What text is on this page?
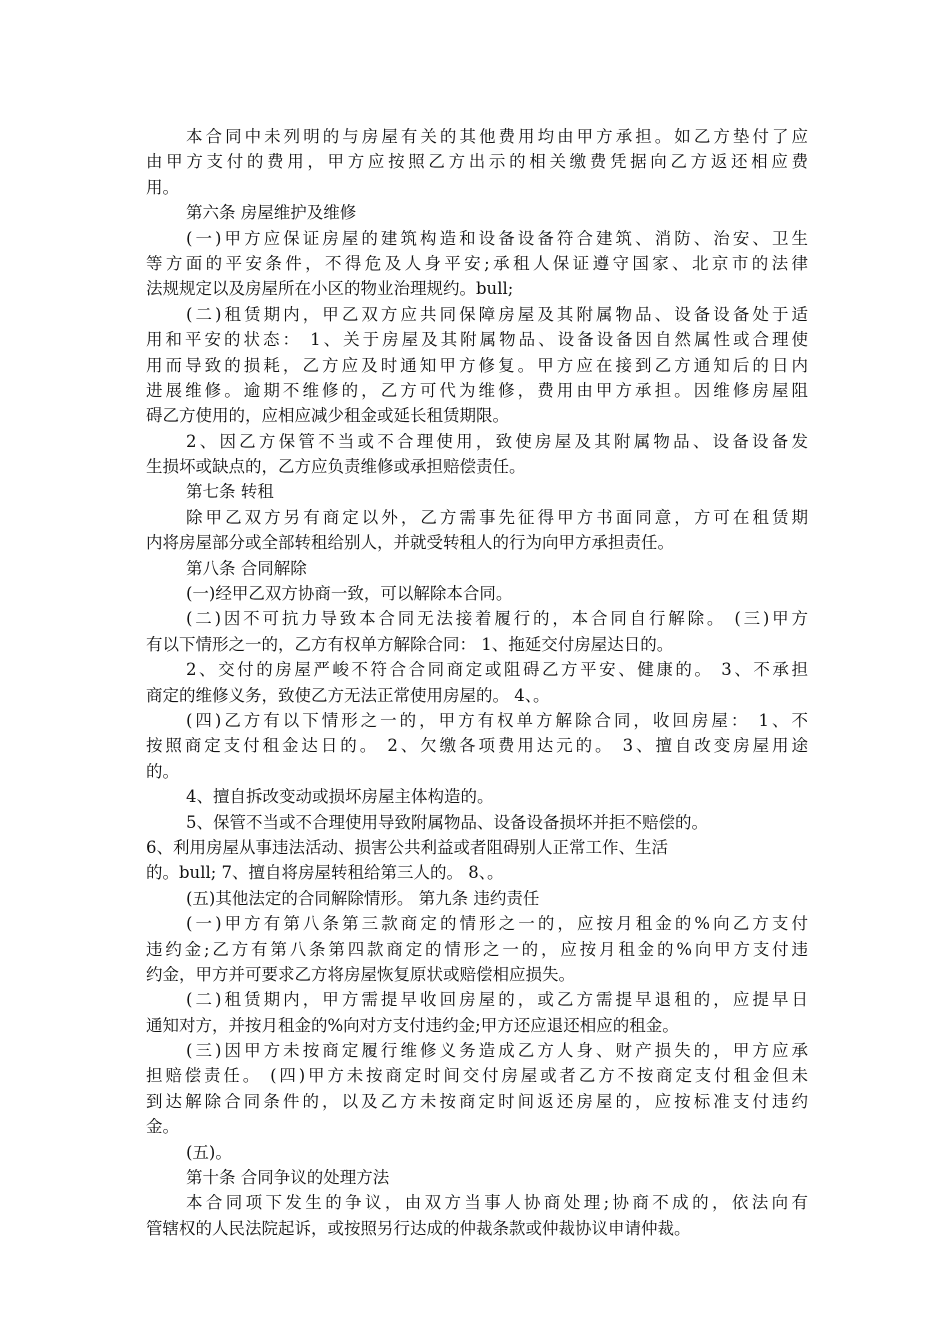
本合同中未列明的与房屋有关的其他费用均由甲方承担。如乙方垫付了应
由甲方支付的费用，甲方应按照乙方出示的相关缴费凭据向乙方返还相应费
用。
第六条 房屋维护及维修
(一)甲方应保证房屋的建筑构造和设备设备符合建筑、消防、治安、卫生
等方面的平安条件，不得危及人身平安;承租人保证遵守国家、北京市的法律
法规规定以及房屋所在小区的物业治理规约。bull;
(二)租赁期内，甲乙双方应共同保障房屋及其附属物品、设备设备处于适
用和平安的状态： 1、关于房屋及其附属物品、设备设备因自然属性或合理使
用而导致的损耗，乙方应及时通知甲方修复。甲方应在接到乙方通知后的日内
进展维修。逾期不维修的，乙方可代为维修，费用由甲方承担。因维修房屋阻
碍乙方使用的，应相应减少租金或延长租赁期限。
2、因乙方保管不当或不合理使用，致使房屋及其附属物品、设备设备发
生损坏或缺点的，乙方应负责维修或承担赔偿责任。
第七条 转租
除甲乙双方另有商定以外，乙方需事先征得甲方书面同意，方可在租赁期
内将房屋部分或全部转租给别人，并就受转租人的行为向甲方承担责任。
第八条 合同解除
(一)经甲乙双方协商一致，可以解除本合同。
(二)因不可抗力导致本合同无法接着履行的，本合同自行解除。 (三)甲方
有以下情形之一的，乙方有权单方解除合同： 1、拖延交付房屋达日的。
2、交付的房屋严峻不符合合同商定或阻碍乙方平安、健康的。 3、不承担
商定的维修义务，致使乙方无法正常使用房屋的。 4、。
(四)乙方有以下情形之一的，甲方有权单方解除合同，收回房屋： 1、不
按照商定支付租金达日的。 2、欠缴各项费用达元的。 3、擅自改变房屋用途
的。
4、擅自拆改变动或损坏房屋主体构造的。
5、保管不当或不合理使用导致附属物品、设备设备损坏并拒不赔偿的。
6、利用房屋从事违法活动、损害公共利益或者阻碍别人正常工作、生活
的。bull; 7、擅自将房屋转租给第三人的。 8、。
(五)其他法定的合同解除情形。 第九条 违约责任
(一)甲方有第八条第三款商定的情形之一的，应按月租金的%向乙方支付
违约金;乙方有第八条第四款商定的情形之一的，应按月租金的%向甲方支付违
约金，甲方并可要求乙方将房屋恢复原状或赔偿相应损失。
(二)租赁期内，甲方需提早收回房屋的，或乙方需提早退租的，应提早日
通知对方，并按月租金的%向对方支付违约金;甲方还应退还相应的租金。
(三)因甲方未按商定履行维修义务造成乙方人身、财产损失的，甲方应承
担赔偿责任。 (四)甲方未按商定时间交付房屋或者乙方不按商定支付租金但未
到达解除合同条件的，以及乙方未按商定时间返还房屋的，应按标准支付违约
金。
(五)。
第十条 合同争议的处理方法
本合同项下发生的争议，由双方当事人协商处理;协商不成的，依法向有
管辖权的人民法院起诉，或按照另行达成的仲裁条款或仲裁协议申请仲裁。
